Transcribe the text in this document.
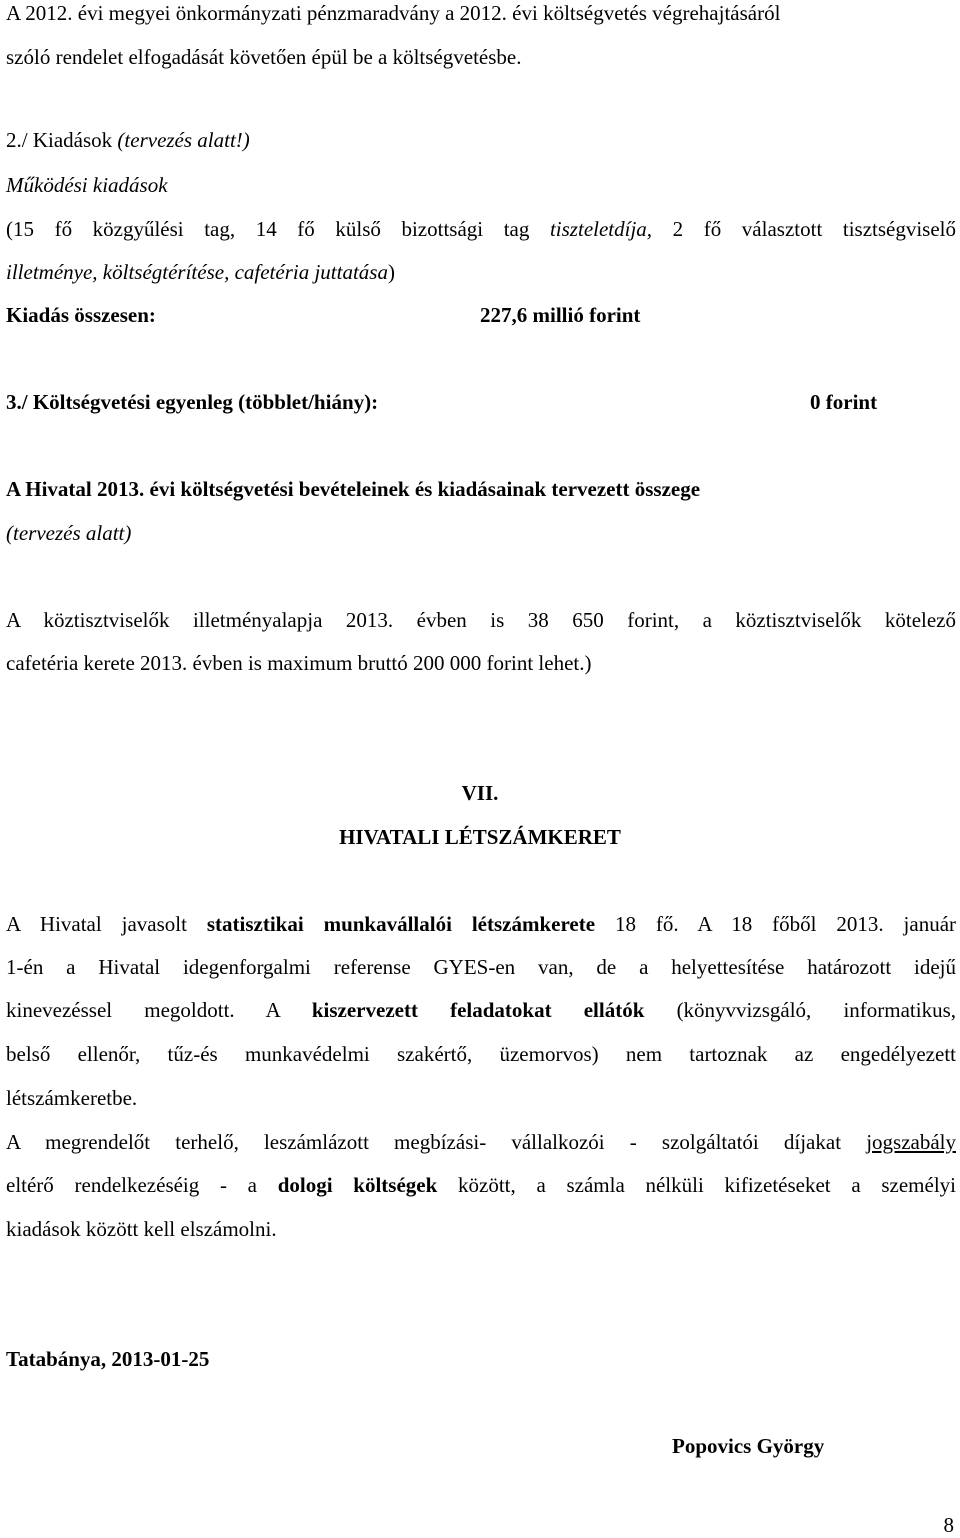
A 2012. évi megyei önkormányzati pénzmaradvány a 2012. évi költségvetés végrehajtásáról
szóló rendelet elfogadását követően épül be a költségvetésbe.
2./ Kiadások (tervezés alatt!)
Működési kiadások
(15 fő közgyűlési tag, 14 fő külső bizottsági tag tiszteletdíja, 2 fő választott tisztségviselő
illetménye, költségtérítése, cafetéria juttatása)
Kiadás összesen:	227,6 millió forint
3./ Költségvetési egyenleg (többlet/hiány):	0 forint
A Hivatal 2013. évi költségvetési bevételeinek és kiadásainak tervezett összege
(tervezés alatt)
A köztisztviselők illetményalapja 2013. évben is 38 650 forint, a köztisztviselők kötelező
cafetéria kerete 2013. évben is maximum bruttó 200 000 forint lehet.)
VII.
HIVATALI LÉTSZÁMKERET
A Hivatal javasolt statisztikai munkavállalói létszámkerete 18 fő. A 18 főből 2013. január
1-én a Hivatal idegenforgalmi referense GYES-en van, de a helyettesítése határozott idejű
kinevezéssel megoldott. A kiszervezett feladatokat ellátók (könyvvizsgáló, informatikus,
belső ellenőr, tűz-és munkavédelmi szakértő, üzemorvos) nem tartoznak az engedélyezett
létszámkeretbe.
A megrendelőt terhelő, leszámlázott megbízási- vállalkozói - szolgáltatói díjakat jogszabály
eltérő rendelkezéséig - a dologi költségek között, a számla nélküli kifizetéseket a személyi
kiadások között kell elszámolni.
Tatabánya, 2013-01-25
Popovics György
8
